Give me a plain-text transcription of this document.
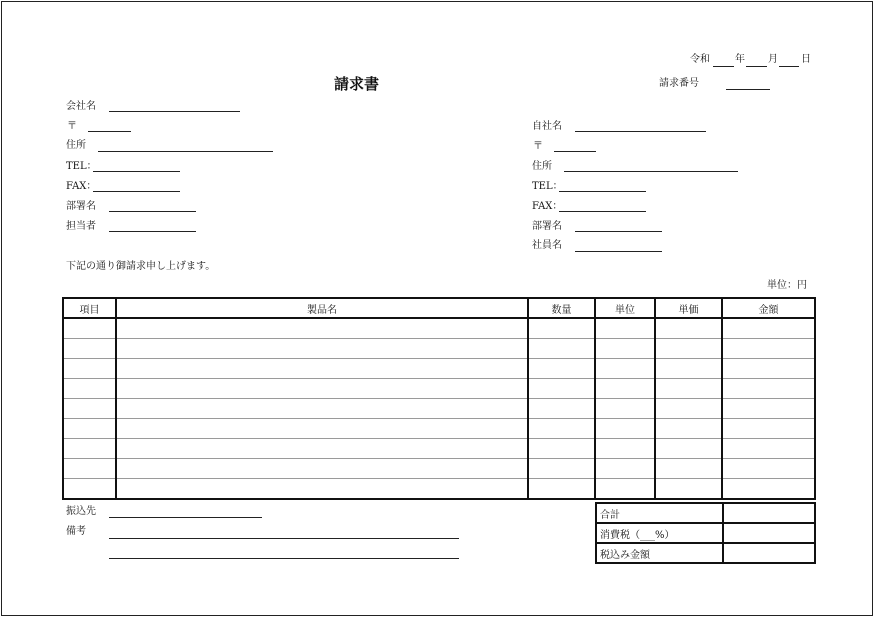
令和	年 月 日
請求書	請求番号
会社名
〒
住所
TEL：
FAX：
部署名
担当者
自社名
〒
住所
TEL：
FAX：
部署名
社員名
下記の通り御請求申し上げます。
単位：円
項目	製品名	数量	単位	単価	金額

振込先
備考
合計	
消費税（___%）	
税込み金額	
